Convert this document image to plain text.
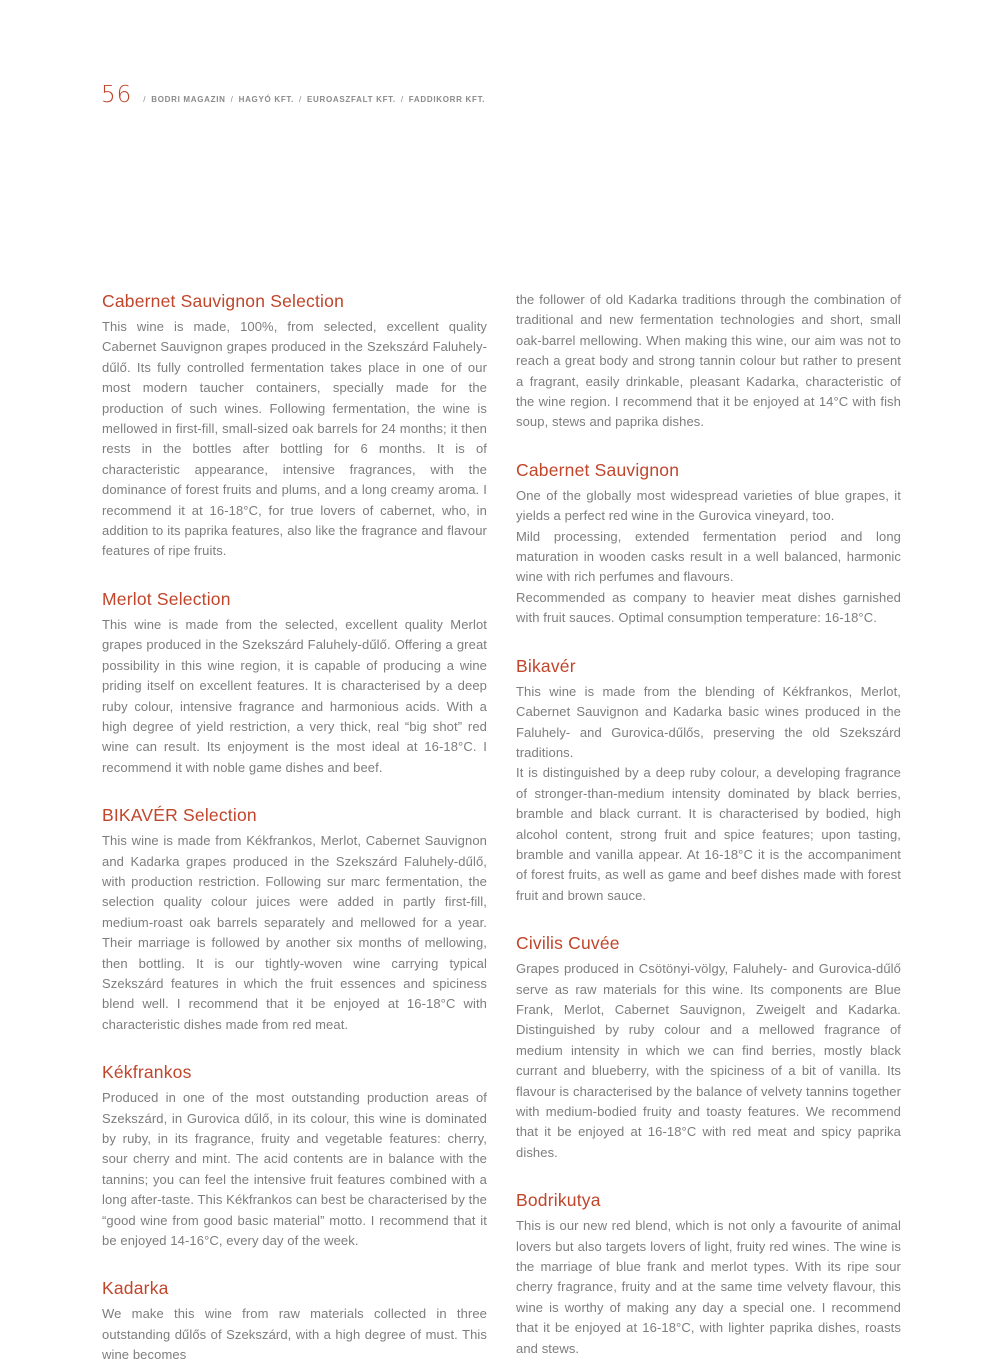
56	/ BODRI MAGAZIN / HAGYÓ KFT. / EUROASZFALT KFT. / FADDIKORR KFT.
Cabernet Sauvignon Selection

This wine is made, 100%, from selected, excellent quality Cabernet Sauvignon grapes produced in the Szekszárd Faluhely-dűlő. Its fully controlled fermentation takes place in one of our most modern taucher containers, specially made for the production of such wines. Following fermentation, the wine is mellowed in first-fill, small-sized oak barrels for 24 months; it then rests in the bottles after bottling for 6 months. It is of characteristic appearance, intensive fragrances, with the dominance of forest fruits and plums, and a long creamy aroma. I recommend it at 16-18°C, for true lovers of cabernet, who, in addition to its paprika features, also like the fragrance and flavour features of ripe fruits.

Merlot Selection

This wine is made from the selected, excellent quality Merlot grapes produced in the Szekszárd Faluhely-dűlő. Offering a great possibility in this wine region, it is capable of producing a wine priding itself on excellent features. It is characterised by a deep ruby colour, intensive fragrance and harmonious acids. With a high degree of yield restriction, a very thick, real “big shot” red wine can result. Its enjoyment is the most ideal at 16-18°C. I recommend it with noble game dishes and beef.

BIKAVÉR Selection

This wine is made from Kékfrankos, Merlot, Cabernet Sauvignon and Kadarka grapes produced in the Szekszárd Faluhely-dűlő, with production restriction. Following sur marc fermentation, the selection quality colour juices were added in partly first-fill, medium-roast oak barrels separately and mellowed for a year. Their marriage is followed by another six months of mellowing, then bottling. It is our tightly-woven wine carrying typical Szekszárd features in which the fruit essences and spiciness blend well. I recommend that it be enjoyed at 16-18°C with characteristic dishes made from red meat.

Kékfrankos

Produced in one of the most outstanding production areas of Szekszárd, in Gurovica dűlő, in its colour, this wine is dominated by ruby, in its fragrance, fruity and vegetable features: cherry, sour cherry and mint. The acid contents are in balance with the tannins; you can feel the intensive fruit features combined with a long after-taste. This Kékfrankos can best be characterised by the “good wine from good basic material” motto. I recommend that it be enjoyed 14-16°C, every day of the week.

Kadarka

We make this wine from raw materials collected in three outstanding dűlős of Szekszárd, with a high degree of must. This wine becomes

the follower of old Kadarka traditions through the combination of traditional and new fermentation technologies and short, small oak-barrel mellowing. When making this wine, our aim was not to reach a great body and strong tannin colour but rather to present a fragrant, easily drinkable, pleasant Kadarka, characteristic of the wine region. I recommend that it be enjoyed at 14°C with fish soup, stews and paprika dishes.

Cabernet Sauvignon

One of the globally most widespread varieties of blue grapes, it yields a perfect red wine in the Gurovica vineyard, too.

Mild processing, extended fermentation period and long maturation in wooden casks result in a well balanced, harmonic wine with rich perfumes and flavours.

Recommended as company to heavier meat dishes garnished with fruit sauces. Optimal consumption temperature: 16-18°C.

Bikavér

This wine is made from the blending of Kékfrankos, Merlot, Cabernet Sauvignon and Kadarka basic wines produced in the Faluhely- and Gurovica-dűlős, preserving the old Szekszárd traditions.

It is distinguished by a deep ruby colour, a developing fragrance of stronger-than-medium intensity dominated by black berries, bramble and black currant. It is characterised by bodied, high alcohol content, strong fruit and spice features; upon tasting, bramble and vanilla appear. At 16-18°C it is the accompaniment of forest fruits, as well as game and beef dishes made with forest fruit and brown sauce.

Civilis Cuvée

Grapes produced in Csötönyi-völgy, Faluhely- and Gurovica-dűlő serve as raw materials for this wine. Its components are Blue Frank, Merlot, Cabernet Sauvignon, Zweigelt and Kadarka. Distinguished by ruby colour and a mellowed fragrance of medium intensity in which we can find berries, mostly black currant and blueberry, with the spiciness of a bit of vanilla. Its flavour is characterised by the balance of velvety tannins together with medium-bodied fruity and toasty features. We recommend that it be enjoyed at 16-18°C with red meat and spicy paprika dishes.

Bodrikutya

This is our new red blend, which is not only a favourite of animal lovers but also targets lovers of light, fruity red wines. The wine is the marriage of blue frank and merlot types. With its ripe sour cherry fragrance, fruity and at the same time velvety flavour, this wine is worthy of making any day a special one. I recommend that it be enjoyed at 16-18°C, with lighter paprika dishes, roasts and stews.
